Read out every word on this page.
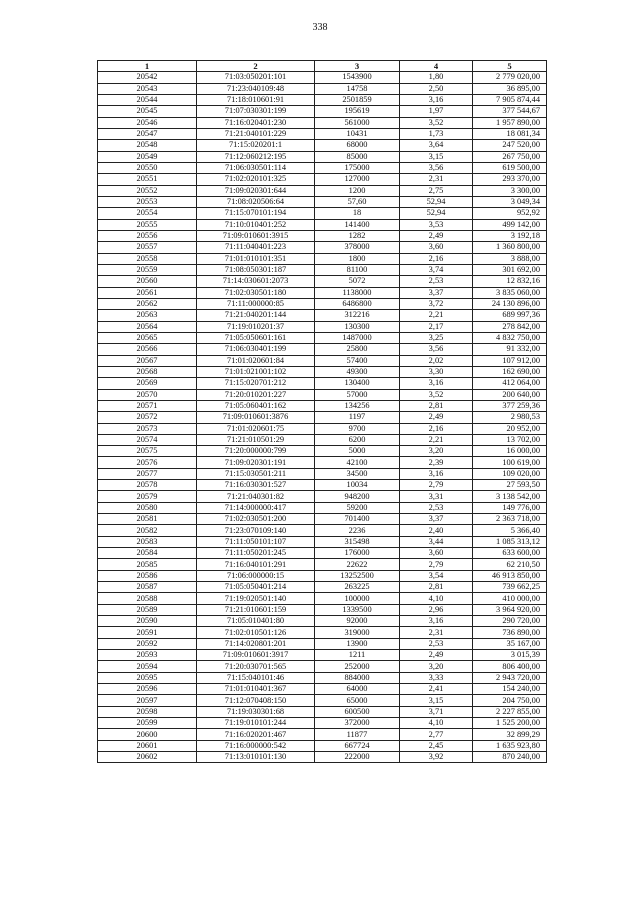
338
1	2	3	4	5
20542	71:03:050201:101	1543900	1,80	2 779 020,00
20543	71:23:040109:48	14758	2,50	36 895,00
20544	71:18:010601:91	2501859	3,16	7 905 874,44
20545	71:07:030301:199	195619	1,97	377 544,67
20546	71:16:020401:230	561000	3,52	1 957 890,00
20547	71:21:040101:229	10431	1,73	18 081,34
20548	71:15:020201:1	68000	3,64	247 520,00
20549	71:12:060212:195	85000	3,15	267 750,00
20550	71:06:030501:114	175000	3,56	619 500,00
20551	71:02:020101:325	127000	2,31	293 370,00
20552	71:09:020301:644	1200	2,75	3 300,00
20553	71:08:020506:64	57,60	52,94	3 049,34
20554	71:15:070101:194	18	52,94	952,92
20555	71:10:010401:252	141400	3,53	499 142,00
20556	71:09:010601:3915	1282	2,49	3 192,18
20557	71:11:040401:223	378000	3,60	1 360 800,00
20558	71:01:010101:351	1800	2,16	3 888,00
20559	71:08:050301:187	81100	3,74	301 692,00
20560	71:14:030601:2073	5072	2,53	12 832,16
20561	71:02:030501:180	1138000	3,37	3 835 060,00
20562	71:11:000000:85	6486800	3,72	24 130 896,00
20563	71:21:040201:144	312216	2,21	689 997,36
20564	71:19:010201:37	130300	2,17	278 842,00
20565	71:05:050601:161	1487000	3,25	4 832 750,00
20566	71:06:030401:199	25800	3,56	91 332,00
20567	71:01:020601:84	57400	2,02	107 912,00
20568	71:01:021001:102	49300	3,30	162 690,00
20569	71:15:020701:212	130400	3,16	412 064,00
20570	71:20:010201:227	57000	3,52	200 640,00
20571	71:05:060401:162	134256	2,81	377 259,36
20572	71:09:010601:3876	1197	2,49	2 980,53
20573	71:01:020601:75	9700	2,16	20 952,00
20574	71:21:010501:29	6200	2,21	13 702,00
20575	71:20:000000:799	5000	3,20	16 000,00
20576	71:09:020301:191	42100	2,39	100 619,00
20577	71:15:030501:211	34500	3,16	109 020,00
20578	71:16:030301:527	10034	2,79	27 593,50
20579	71:21:040301:82	948200	3,31	3 138 542,00
20580	71:14:000000:417	59200	2,53	149 776,00
20581	71:02:030501:200	701400	3,37	2 363 718,00
20582	71:23:070109:140	2236	2,40	5 366,40
20583	71:11:050101:107	315498	3,44	1 085 313,12
20584	71:11:050201:245	176000	3,60	633 600,00
20585	71:16:040101:291	22622	2,79	62 210,50
20586	71:06:000000:15	13252500	3,54	46 913 850,00
20587	71:05:050401:214	263225	2,81	739 662,25
20588	71:19:020501:140	100000	4,10	410 000,00
20589	71:21:010601:159	1339500	2,96	3 964 920,00
20590	71:05:010401:80	92000	3,16	290 720,00
20591	71:02:010501:126	319000	2,31	736 890,00
20592	71:14:020801:201	13900	2,53	35 167,00
20593	71:09:010601:3917	1211	2,49	3 015,39
20594	71:20:030701:565	252000	3,20	806 400,00
20595	71:15:040101:46	884000	3,33	2 943 720,00
20596	71:01:010401:367	64000	2,41	154 240,00
20597	71:12:070408:150	65000	3,15	204 750,00
20598	71:19:030301:68	600500	3,71	2 227 855,00
20599	71:19:010101:244	372000	4,10	1 525 200,00
20600	71:16:020201:467	11877	2,77	32 899,29
20601	71:16:000000:542	667724	2,45	1 635 923,80
20602	71:13:010101:130	222000	3,92	870 240,00
